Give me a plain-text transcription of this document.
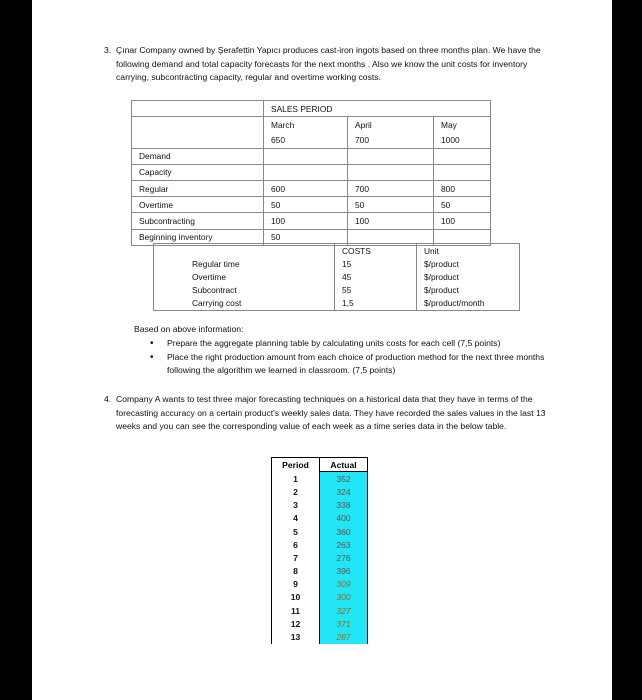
3. Çınar Company owned by Şerafettin Yapıcı produces cast-iron ingots based on three months plan. We have the following demand and total capacity forecasts for the next months . Also we know the unit costs for inventory carrying, subcontracting capacity, regular and overtime working costs.

	SALES PERIOD		
	March	April	May
	650	700	1000
Demand			
Capacity			
Regular	600	700	800
Overtime	50	50	50
Subcontracting	100	100	100
Beginning inventory	50		
	COSTS	Unit
Regular time	15	$/product
Overtime	45	$/product
Subcontract	55	$/product
Carrying cost	1,5	$/product/month
Based on above information:
• Prepare the aggregate planning table by calculating units costs for each cell (7,5 points)
• Place the right production amount from each choice of production method for the next three months following the algorithm we learned in classroom. (7,5 points)
4. Company A wants to test three major forecasting techniques on a historical data that they have in terms of the forecasting accuracy on a certain product's weekly sales data. They have recorded the sales values in the last 13 weeks and you can see the corresponding value of each week as a time series data in the below table.

Period	Actual
1	352
2	324
3	338
4	400
5	360
6	263
7	276
8	396
9	309
10	300
11	327
12	371
13	287
